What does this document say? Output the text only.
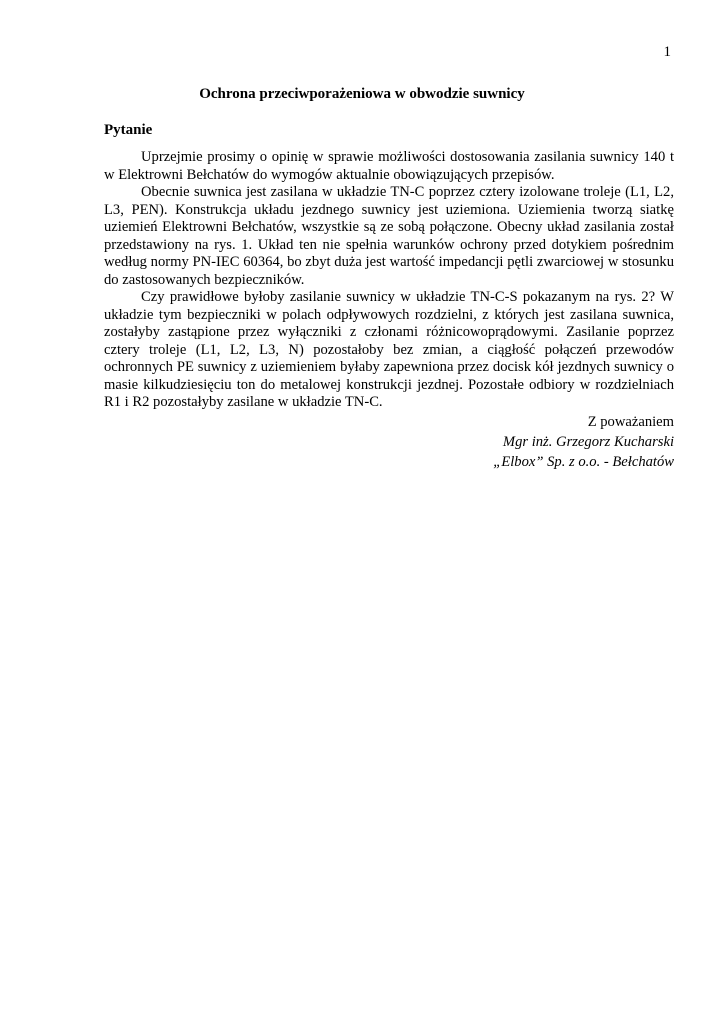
1
Ochrona przeciwporażeniowa w obwodzie suwnicy
Pytanie

Uprzejmie prosimy o opinię w sprawie możliwości dostosowania zasilania suwnicy 140 t w Elektrowni Bełchatów do wymogów aktualnie obowiązujących przepisów.

Obecnie suwnica jest zasilana w układzie TN-C poprzez cztery izolowane troleje (L1, L2, L3, PEN). Konstrukcja układu jezdnego suwnicy jest uziemiona. Uziemienia tworzą siatkę uziemień Elektrowni Bełchatów, wszystkie są ze sobą połączone. Obecny układ zasilania został przedstawiony na rys. 1. Układ ten nie spełnia warunków ochrony przed dotykiem pośrednim według normy PN-IEC 60364, bo zbyt duża jest wartość impedancji pętli zwarciowej w stosunku do zastosowanych bezpieczników.

Czy prawidłowe byłoby zasilanie suwnicy w układzie TN-C-S pokazanym na rys. 2? W układzie tym bezpieczniki w polach odpływowych rozdzielni, z których jest zasilana suwnica, zostałyby zastąpione przez wyłączniki z członami różnicowoprądowymi. Zasilanie poprzez cztery troleje (L1, L2, L3, N) pozostałoby bez zmian, a ciągłość połączeń przewodów ochronnych PE suwnicy z uziemieniem byłaby zapewniona przez docisk kół jezdnych suwnicy o masie kilkudziesięciu ton do metalowej konstrukcji jezdnej. Pozostałe odbiory w rozdzielniach R1 i R2 pozostałyby zasilane w układzie TN-C.

Z poważaniem
Mgr inż. Grzegorz Kucharski
„Elbox” Sp. z o.o. - Bełchatów
